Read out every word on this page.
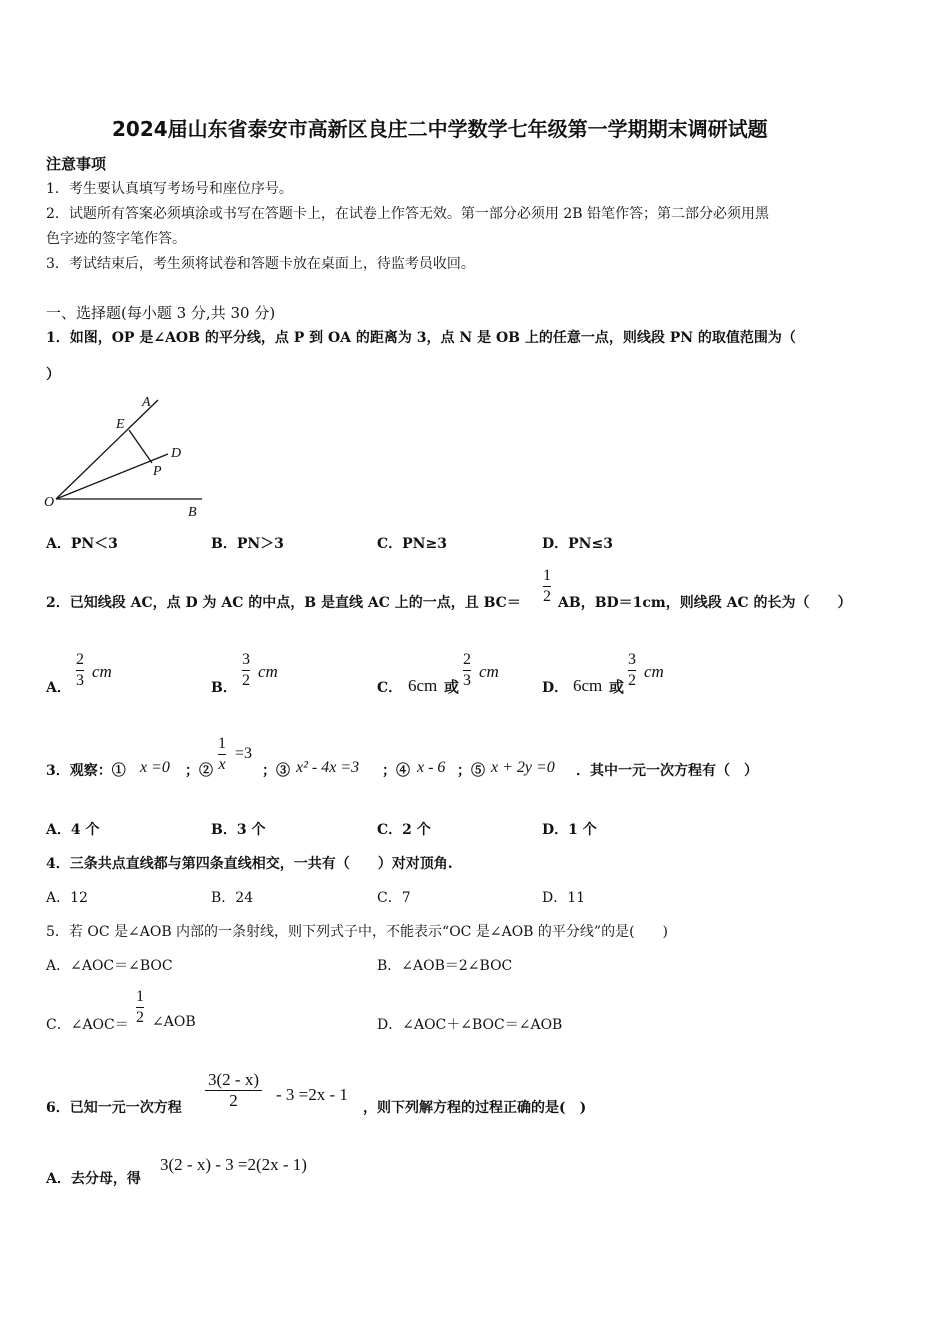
2024届山东省泰安市高新区良庄二中学数学七年级第一学期期末调研试题
注意事项
1．考生要认真填写考场号和座位序号。
2．试题所有答案必须填涂或书写在答题卡上，在试卷上作答无效。第一部分必须用 2B 铅笔作答；第二部分必须用黑
色字迹的签字笔作答。
3．考试结束后，考生须将试卷和答题卡放在桌面上，待监考员收回。
一、选择题(每小题 3 分,共 30 分)
1．如图，OP 是∠AOB 的平分线，点 P 到 OA 的距离为 3，点 N 是 OB 上的任意一点，则线段 PN 的取值范围为（
）
A
E
D
P
O
B
A．PN＜3	B．PN＞3	C．PN≥3	D．PN≤3
2．已知线段 AC，点 D 为 AC 的中点，B 是直线 AC 上的一点，且 BC＝
1
2 AB，BD＝1cm，则线段 AC 的长为（　　）
A．
2
3 cm
B．
3
2 cm
C． 6cm 或
2
3 cm
D． 6cm 或
3
2 cm
3．观察：① x =0 ；②
1
x
=3
；③ x² - 4x =3 ；④ x - 6 ；⑤ x + 2y =0 ．其中一元一次方程有（　）
A．4 个	B．3 个	C．2 个	D．1 个
4．三条共点直线都与第四条直线相交，一共有（　　）对对顶角.
A．12	B．24	C．7	D．11
5．若 OC 是∠AOB 内部的一条射线，则下列式子中，不能表示“OC 是∠AOB 的平分线”的是(　　)
A．∠AOC＝∠BOC	B．∠AOB＝2∠BOC
C．∠AOC＝
1
2 ∠AOB	D．∠AOC＋∠BOC＝∠AOB
6．已知一元一次方程
3(2 - x)
2	- 3 =2x - 1
，则下列解方程的过程正确的是(　)
A．去分母，得
3(2 - x) - 3 =2(2x - 1)
